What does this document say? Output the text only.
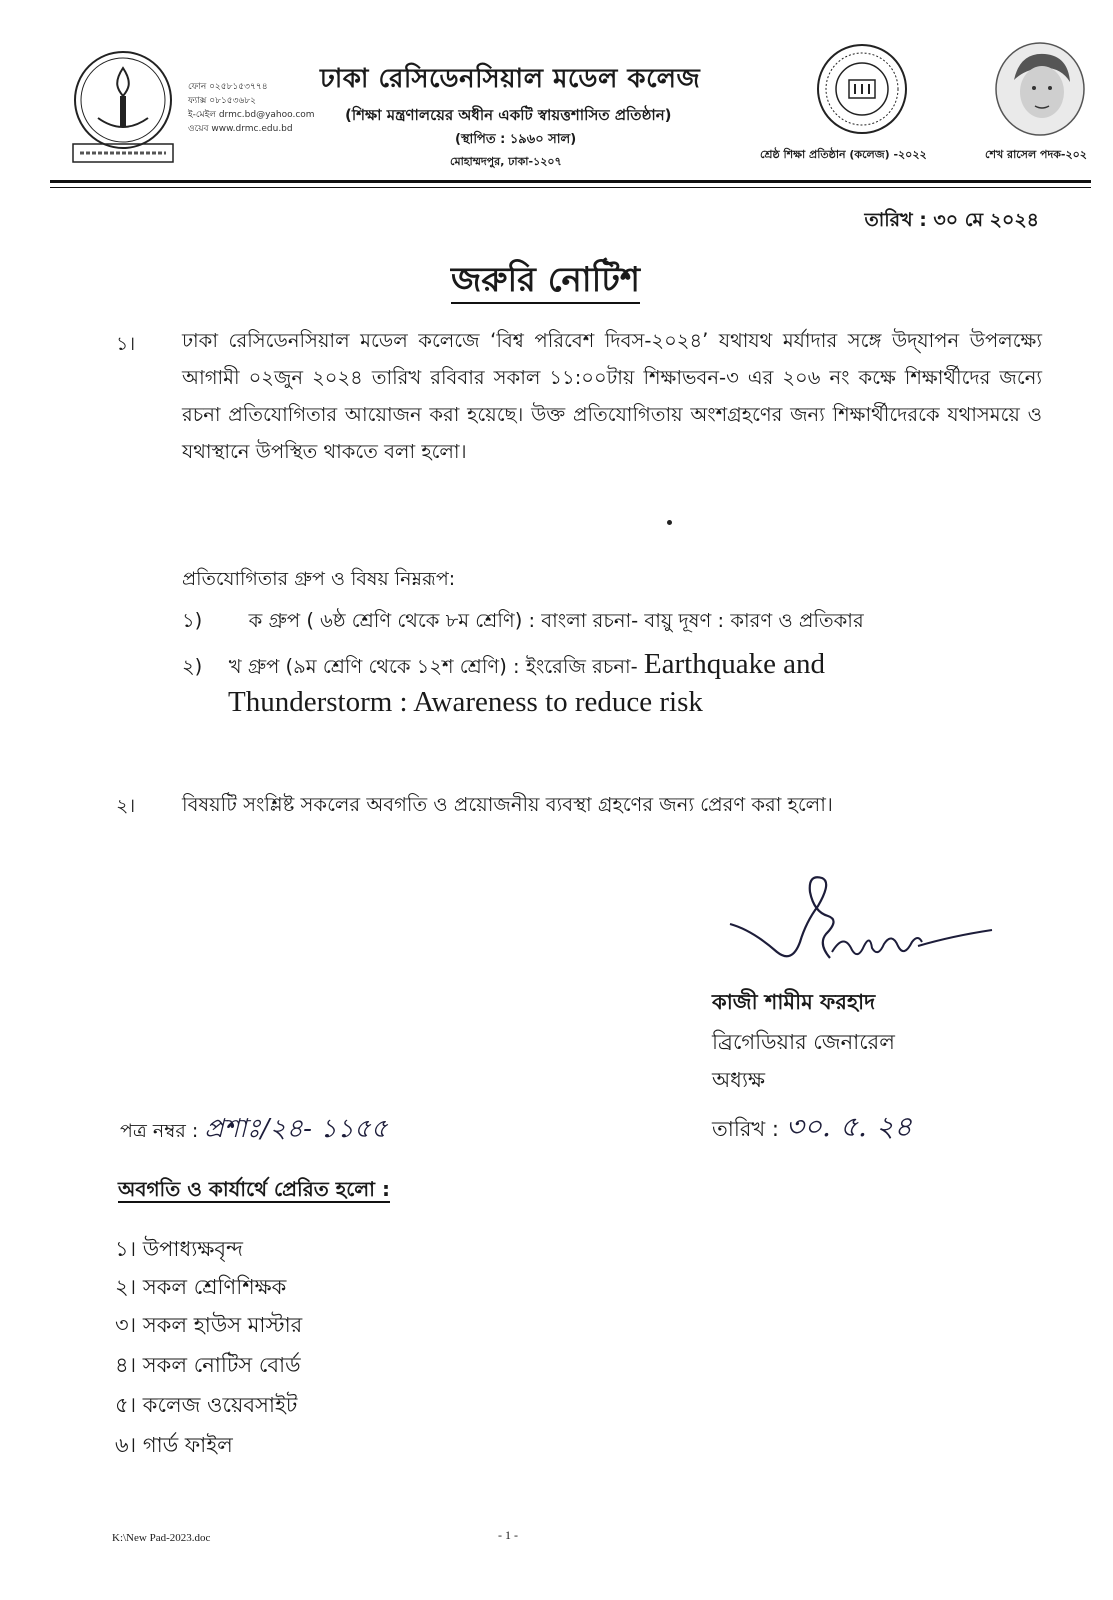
ফোন ০২৫৮১৫৩৭৭৪
ফ্যাক্স ০৮১৫৩৬৮২
ই-মেইল drmc.bd@yahoo.com
ওয়েব www.drmc.edu.bd
ঢাকা রেসিডেনসিয়াল মডেল কলেজ
(শিক্ষা মন্ত্রণালয়ের অধীন একটি স্বায়ত্তশাসিত প্রতিষ্ঠান)
(স্থাপিত : ১৯৬০ সাল)
মোহাম্মদপুর, ঢাকা-১২০৭
শ্রেষ্ঠ শিক্ষা প্রতিষ্ঠান (কলেজ) -২০২২	শেখ রাসেল পদক-২০২
তারিখ : ৩০ মে ২০২৪
জরুরি নোটিশ
১। ঢাকা রেসিডেনসিয়াল মডেল কলেজে ‘বিশ্ব পরিবেশ দিবস-২০২৪’ যথাযথ মর্যাদার সঙ্গে উদ্‌যাপন উপলক্ষ্যে আগামী ০২জুন ২০২৪ তারিখ রবিবার সকাল ১১:০০টায় শিক্ষাভবন-৩ এর ২০৬ নং কক্ষে শিক্ষার্থীদের জন্যে রচনা প্রতিযোগিতার আয়োজন করা হয়েছে। উক্ত প্রতিযোগিতায় অংশগ্রহণের জন্য শিক্ষার্থীদেরকে যথাসময়ে ও যথাস্থানে উপস্থিত থাকতে বলা হলো।
প্রতিযোগিতার গ্রুপ ও বিষয় নিম্নরূপ:
১) ক গ্রুপ ( ৬ষ্ঠ শ্রেণি থেকে ৮ম শ্রেণি) : বাংলা রচনা- বায়ু দূষণ : কারণ ও প্রতিকার
২) খ গ্রুপ (৯ম শ্রেণি থেকে ১২শ শ্রেণি) : ইংরেজি রচনা- Earthquake and
Thunderstorm : Awareness to reduce risk
২। বিষয়টি সংশ্লিষ্ট সকলের অবগতি ও প্রয়োজনীয় ব্যবস্থা গ্রহণের জন্য প্রেরণ করা হলো।
কাজী শামীম ফরহাদ
ব্রিগেডিয়ার জেনারেল
অধ্যক্ষ
তারিখ : ৩০. ৫. ২৪
পত্র নম্বর : প্রশাঃ/২৪- ১১৫৫
অবগতি ও কার্যার্থে প্রেরিত হলো :
১। উপাধ্যক্ষবৃন্দ
২। সকল শ্রেণিশিক্ষক
৩। সকল হাউস মাস্টার
৪। সকল নোটিস বোর্ড
৫। কলেজ ওয়েবসাইট
৬। গার্ড ফাইল
K:\New Pad-2023.doc	- 1 -
